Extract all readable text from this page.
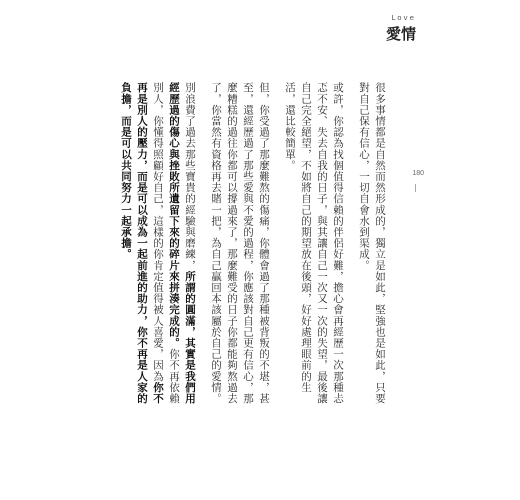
Love
愛情
180
很多事情都是自然而然形成的，獨立是如此，堅強也是如此，只要對自己保有信心，一切自會水到渠成。
或許，你認為找個值得信賴的伴侶好難，擔心會再經歷一次那種忐忑不安、失去自我的日子，與其讓自己一次又一次的失望，最後讓自己完全絕望，不如將自己的期望放在後頭，好好處理眼前的生活，還比較簡單。
但，你受過了那麼難熬的傷痛，你體會過了那種被背叛的不堪，甚至，還經歷過了那些愛與不愛的過程，你應該對自己更有信心，那麼糟糕的過往你都可以撐過來了，那麼難受的日子你都能夠熬過去了，你當然有資格再去賭一把，為自己贏回本該屬於自己的愛情。
別浪費了過去那些寶貴的經驗與磨練，所謂的圓滿，其實是我們用經歷過的傷心與挫敗所遺留下來的碎片來拼湊完成的。你不再依賴別人，你懂得照顧好自己，這樣的你肯定值得被人喜愛，因為你不再是別人的壓力，而是可以成為一起前進的助力，你不再是人家的負擔，而是可以共同努力一起承擔。
